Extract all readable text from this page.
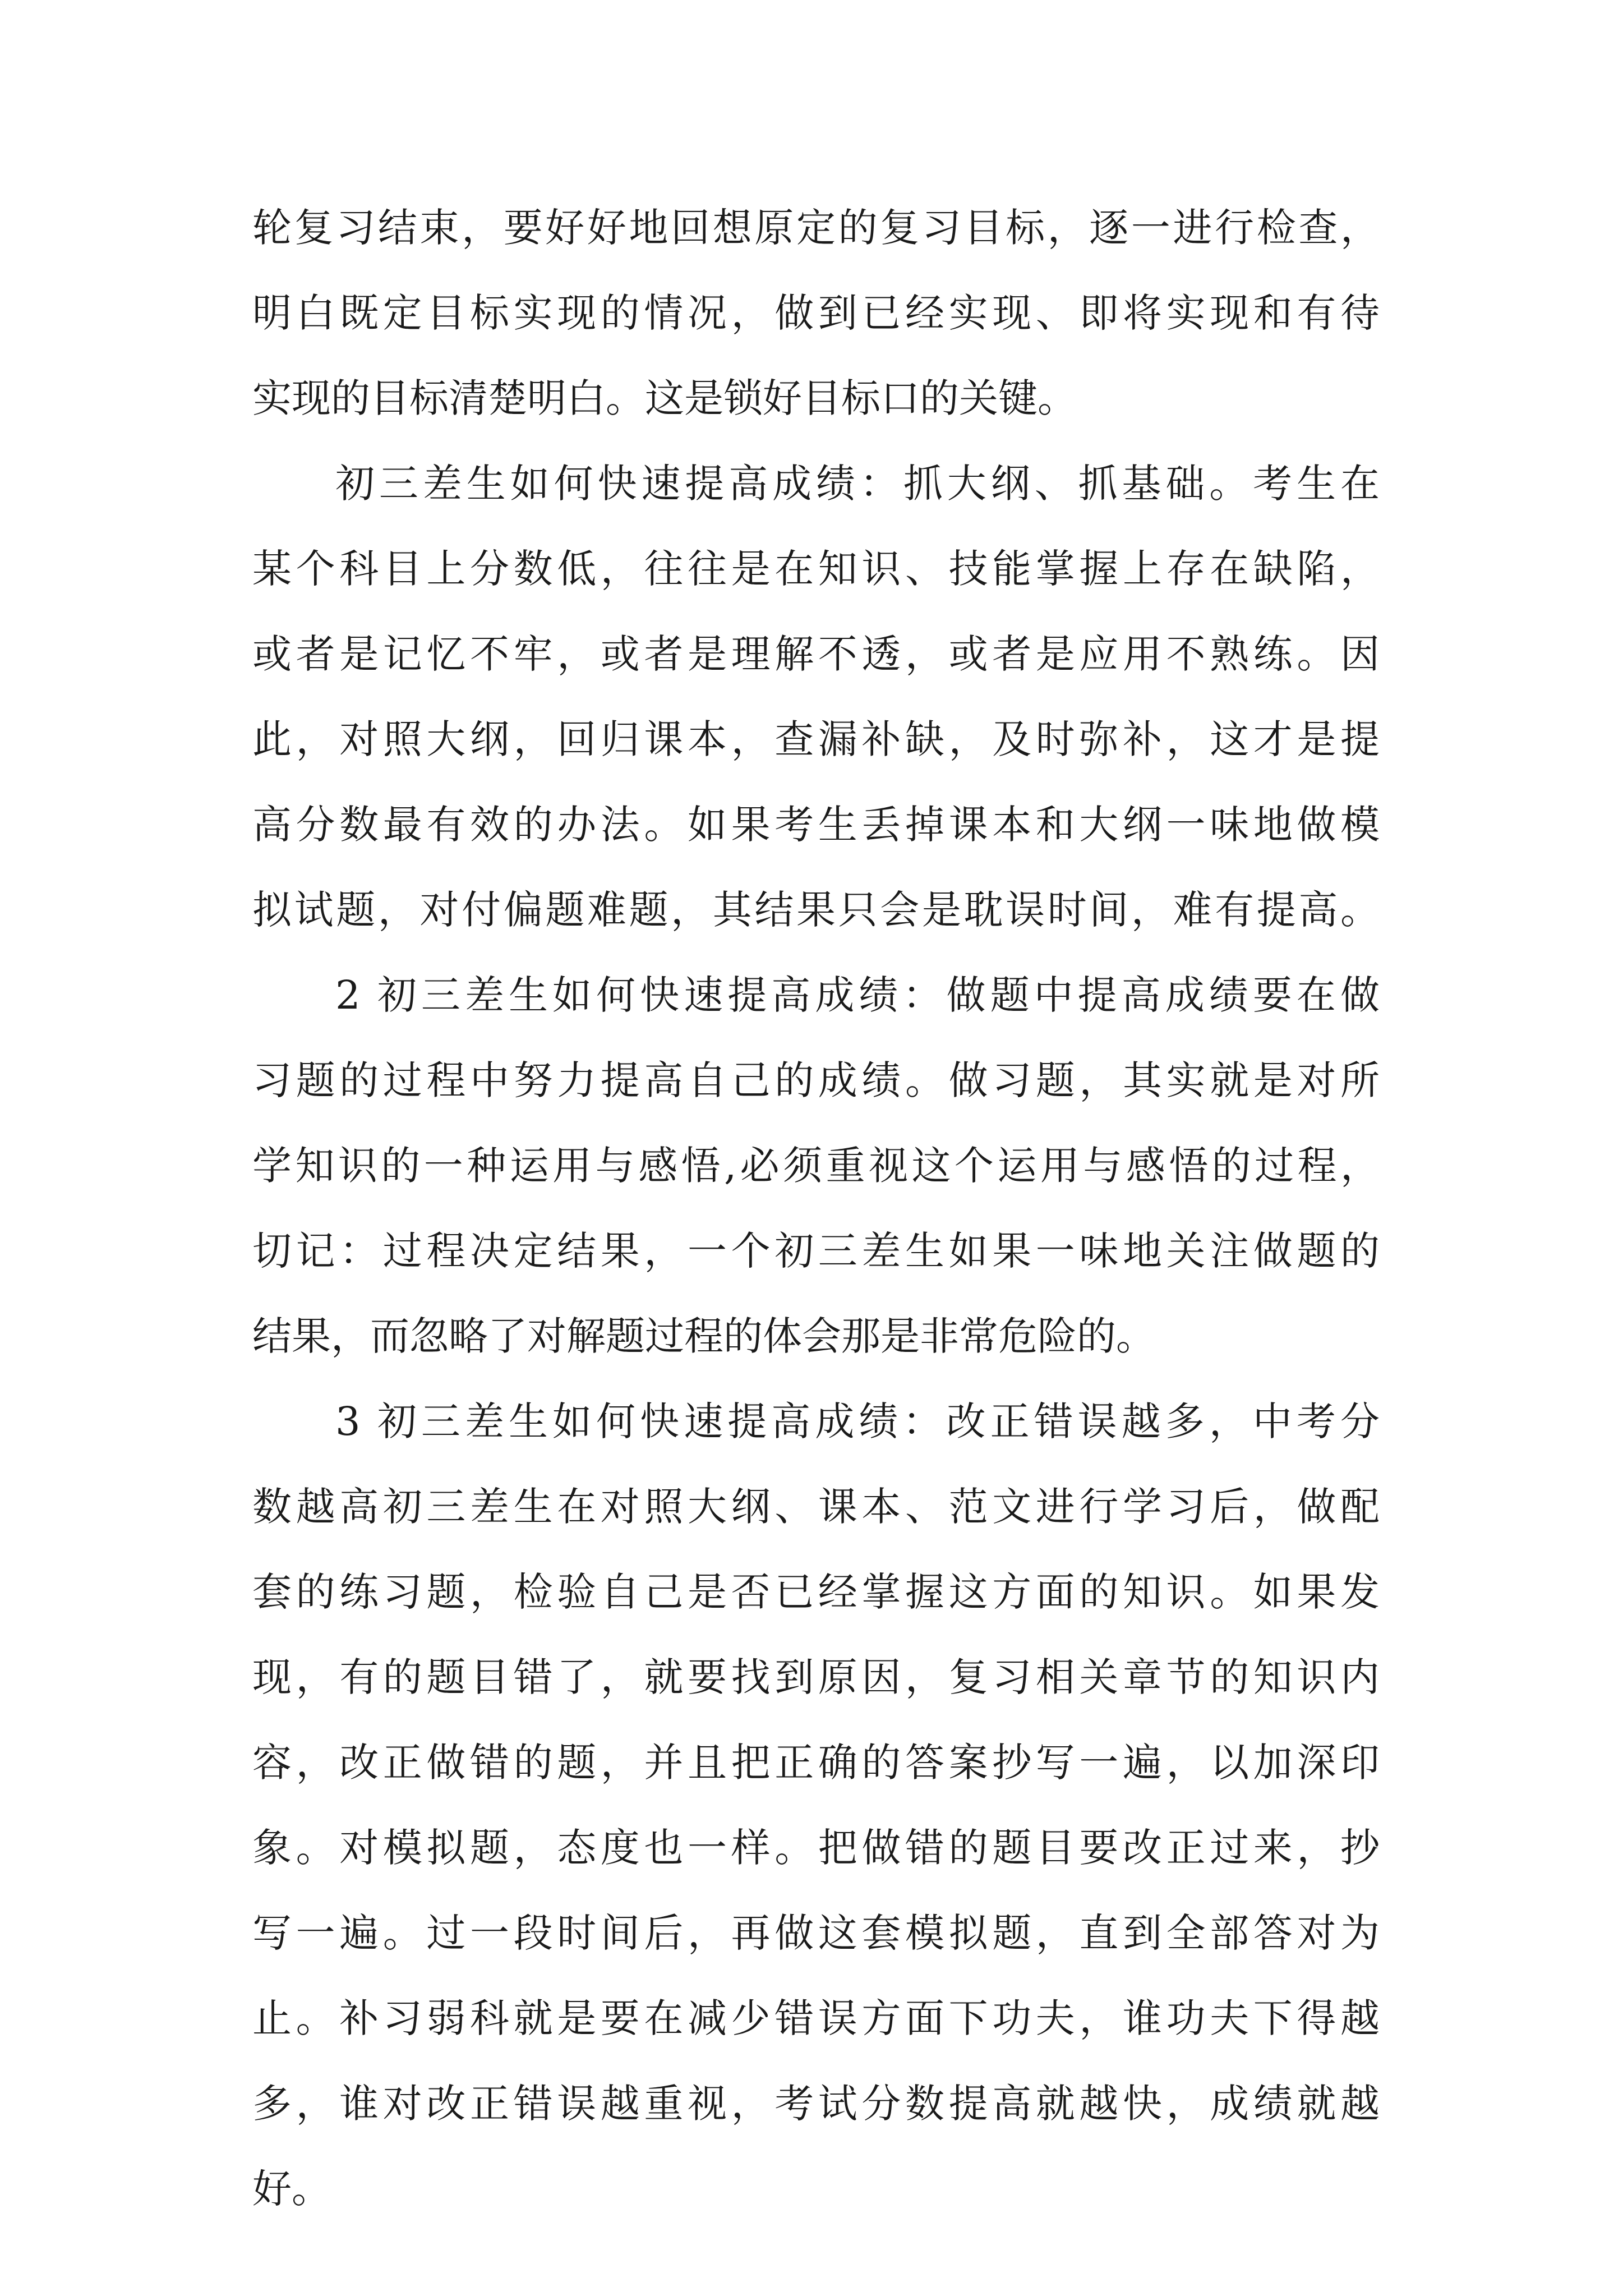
轮复习结束，要好好地回想原定的复习目标，逐一进行检查，
明白既定目标实现的情况，做到已经实现、即将实现和有待
实现的目标清楚明白。这是锁好目标口的关键。
初三差生如何快速提高成绩：抓大纲、抓基础。考生在
某个科目上分数低，往往是在知识、技能掌握上存在缺陷，
或者是记忆不牢，或者是理解不透，或者是应用不熟练。因
此，对照大纲，回归课本，查漏补缺，及时弥补，这才是提
高分数最有效的办法。如果考生丢掉课本和大纲一味地做模
拟试题，对付偏题难题，其结果只会是耽误时间，难有提高。
2 初三差生如何快速提高成绩：做题中提高成绩要在做
习题的过程中努力提高自己的成绩。做习题，其实就是对所
学知识的一种运用与感悟,必须重视这个运用与感悟的过程，
切记：过程决定结果，一个初三差生如果一味地关注做题的
结果，而忽略了对解题过程的体会那是非常危险的。
3 初三差生如何快速提高成绩：改正错误越多，中考分
数越高初三差生在对照大纲、课本、范文进行学习后，做配
套的练习题，检验自己是否已经掌握这方面的知识。如果发
现，有的题目错了，就要找到原因，复习相关章节的知识内
容，改正做错的题，并且把正确的答案抄写一遍，以加深印
象。对模拟题，态度也一样。把做错的题目要改正过来，抄
写一遍。过一段时间后，再做这套模拟题，直到全部答对为
止。补习弱科就是要在减少错误方面下功夫，谁功夫下得越
多，谁对改正错误越重视，考试分数提高就越快，成绩就越
好。
